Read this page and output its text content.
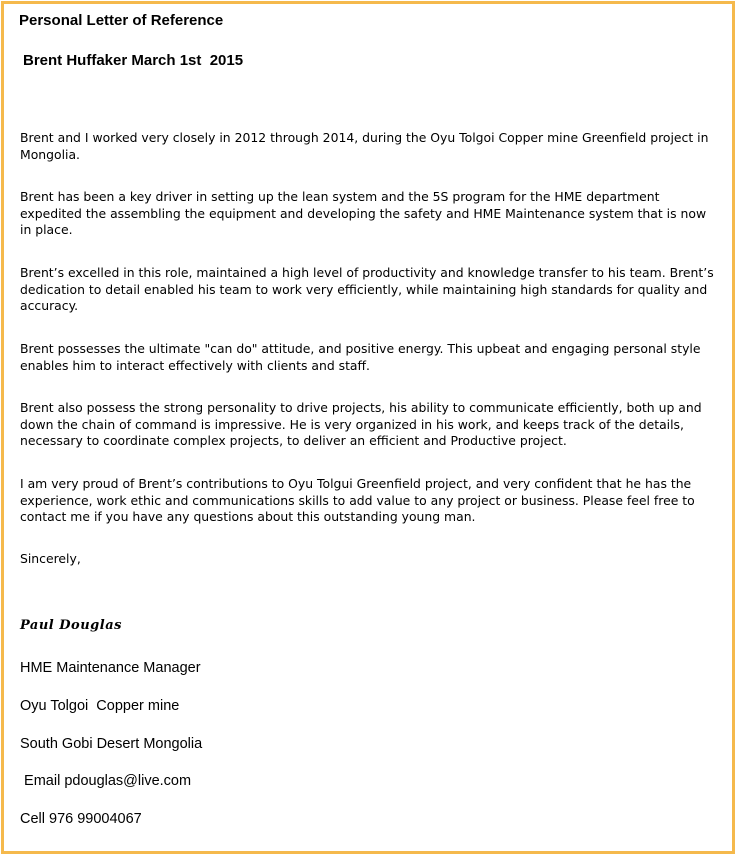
Personal Letter of Reference
Brent Huffaker March 1st  2015

Brent and I worked very closely in 2012 through 2014, during the Oyu Tolgoi Copper mine Greenfield project in Mongolia.

Brent has been a key driver in setting up the lean system and the 5S program for the HME department expedited the assembling the equipment and developing the safety and HME Maintenance system that is now in place.

Brent’s excelled in this role, maintained a high level of productivity and knowledge transfer to his team. Brent’s dedication to detail enabled his team to work very efficiently, while maintaining high standards for quality and accuracy.

Brent possesses the ultimate "can do" attitude, and positive energy. This upbeat and engaging personal style enables him to interact effectively with clients and staff.

Brent also possess the strong personality to drive projects, his ability to communicate efficiently, both up and down the chain of command is impressive. He is very organized in his work, and keeps track of the details, necessary to coordinate complex projects, to deliver an efficient and Productive project.

I am very proud of Brent’s contributions to Oyu Tolgui Greenfield project, and very confident that he has the experience, work ethic and communications skills to add value to any project or business. Please feel free to contact me if you have any questions about this outstanding young man.

Sincerely,

Paul Douglas
HME Maintenance Manager
Oyu Tolgoi  Copper mine
South Gobi Desert Mongolia
Email pdouglas@live.com
Cell 976 99004067
